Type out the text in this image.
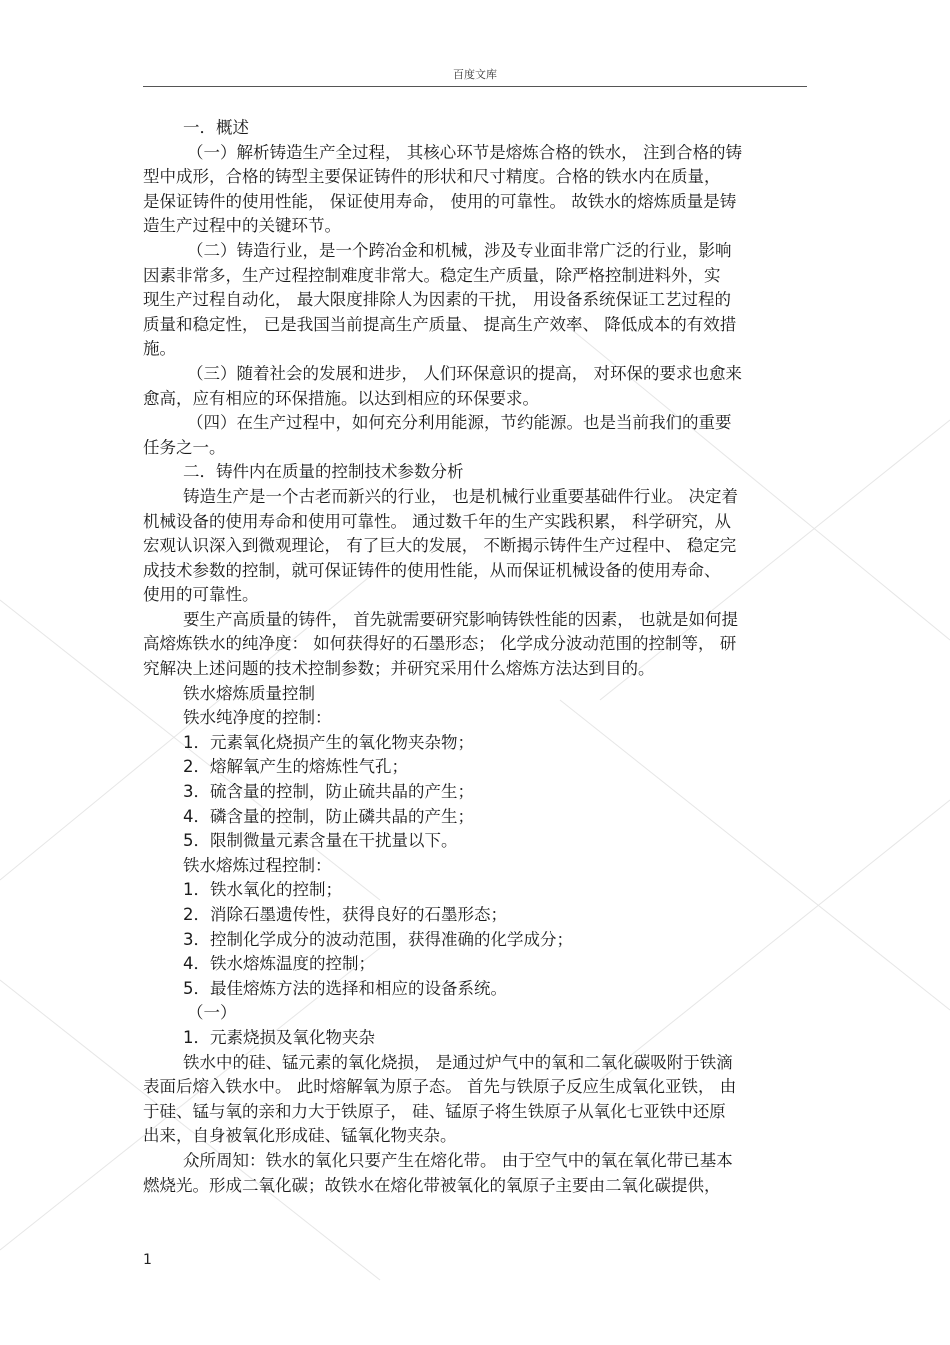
百度文库
一．概述
（一）解析铸造生产全过程， 其核心环节是熔炼合格的铁水， 注到合格的铸
型中成形，合格的铸型主要保证铸件的形状和尺寸精度。合格的铁水内在质量，
是保证铸件的使用性能， 保证使用寿命， 使用的可靠性。 故铁水的熔炼质量是铸
造生产过程中的关键环节。
（二）铸造行业，是一个跨冶金和机械，涉及专业面非常广泛的行业，影响
因素非常多，生产过程控制难度非常大。稳定生产质量，除严格控制进料外，实
现生产过程自动化， 最大限度排除人为因素的干扰， 用设备系统保证工艺过程的
质量和稳定性， 已是我国当前提高生产质量、 提高生产效率、 降低成本的有效措
施。
（三）随着社会的发展和进步， 人们环保意识的提高， 对环保的要求也愈来
愈高，应有相应的环保措施。以达到相应的环保要求。
（四）在生产过程中，如何充分利用能源，节约能源。也是当前我们的重要
任务之一。
二．铸件内在质量的控制技术参数分析
铸造生产是一个古老而新兴的行业， 也是机械行业重要基础件行业。 决定着
机械设备的使用寿命和使用可靠性。 通过数千年的生产实践积累， 科学研究，从
宏观认识深入到微观理论， 有了巨大的发展， 不断揭示铸件生产过程中、 稳定完
成技术参数的控制，就可保证铸件的使用性能，从而保证机械设备的使用寿命、
使用的可靠性。
要生产高质量的铸件， 首先就需要研究影响铸铁性能的因素， 也就是如何提
高熔炼铁水的纯净度： 如何获得好的石墨形态； 化学成分波动范围的控制等， 研
究解决上述问题的技术控制参数；并研究采用什么熔炼方法达到目的。
铁水熔炼质量控制
铁水纯净度的控制：
1．元素氧化烧损产生的氧化物夹杂物；
2．熔解氧产生的熔炼性气孔；
3．硫含量的控制，防止硫共晶的产生；
4．磷含量的控制，防止磷共晶的产生；
5．限制微量元素含量在干扰量以下。
铁水熔炼过程控制：
1．铁水氧化的控制；
2．消除石墨遗传性，获得良好的石墨形态；
3．控制化学成分的波动范围，获得准确的化学成分；
4．铁水熔炼温度的控制；
5．最佳熔炼方法的选择和相应的设备系统。
（一）
1．元素烧损及氧化物夹杂
铁水中的硅、锰元素的氧化烧损， 是通过炉气中的氧和二氧化碳吸附于铁滴
表面后熔入铁水中。 此时熔解氧为原子态。 首先与铁原子反应生成氧化亚铁， 由
于硅、锰与氧的亲和力大于铁原子， 硅、锰原子将生铁原子从氧化七亚铁中还原
出来，自身被氧化形成硅、锰氧化物夹杂。
众所周知：铁水的氧化只要产生在熔化带。 由于空气中的氧在氧化带已基本
燃烧光。形成二氧化碳；故铁水在熔化带被氧化的氧原子主要由二氧化碳提供，
1
